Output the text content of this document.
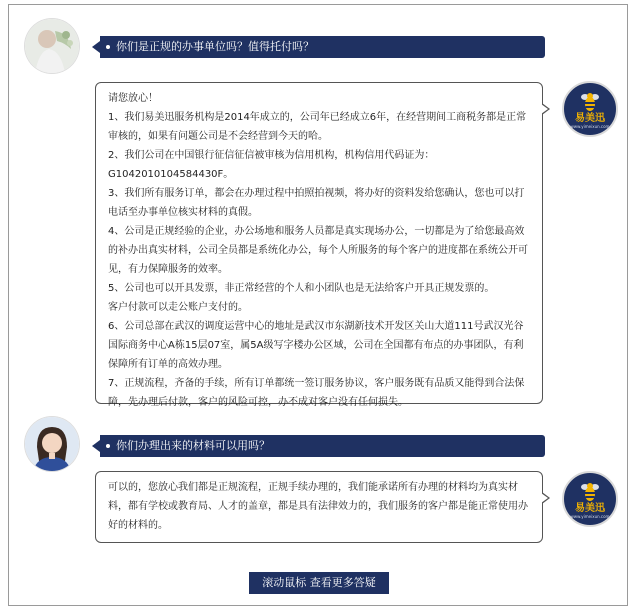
你们是正规的办事单位吗？值得托付吗？

请您放心！

1、我们易美迅服务机构是2014年成立的，公司年已经成立6年，在经营期间工商税务都是正常审核的，如果有问题公司是不会经营到今天的哈。

2、我们公司在中国银行征信征信被审核为信用机构，机构信用代码证为：G1042010104584430F。

3、我们所有服务订单，都会在办理过程中拍照拍视频，将办好的资料发给您确认，您也可以打电话至办事单位核实材料的真假。

4、公司是正规经验的企业，办公场地和服务人员都是真实现场办公，一切都是为了给您最高效的补办出真实材料，公司全员都是系统化办公，每个人所服务的每个客户的进度都在系统公开可见，有力保障服务的效率。

5、公司也可以开具发票，非正常经营的个人和小团队也是无法给客户开具正规发票的。

客户付款可以走公账户支付的。

6、公司总部在武汉的调度运营中心的地址是武汉市东湖新技术开发区关山大道111号武汉光谷国际商务中心A栋15层07室，属5A级写字楼办公区域，公司在全国都有布点的办事团队，有利保障所有订单的高效办理。

7、正规流程，齐备的手续，所有订单都统一签订服务协议，客户服务既有品质又能得到合法保障，先办理后付款，客户的风险可控，办不成对客户没有任何损失。

易美迅
www.yimeixun.com
你们办理出来的材料可以用吗？

可以的，您放心我们都是正规流程，正规手续办理的，我们能承诺所有办理的材料均为真实材料，都有学校或教育局、人才的盖章，都是具有法律效力的，我们服务的客户都是能正常使用办好的材料的。

易美迅
www.yimeixun.com
滚动鼠标 查看更多答疑
